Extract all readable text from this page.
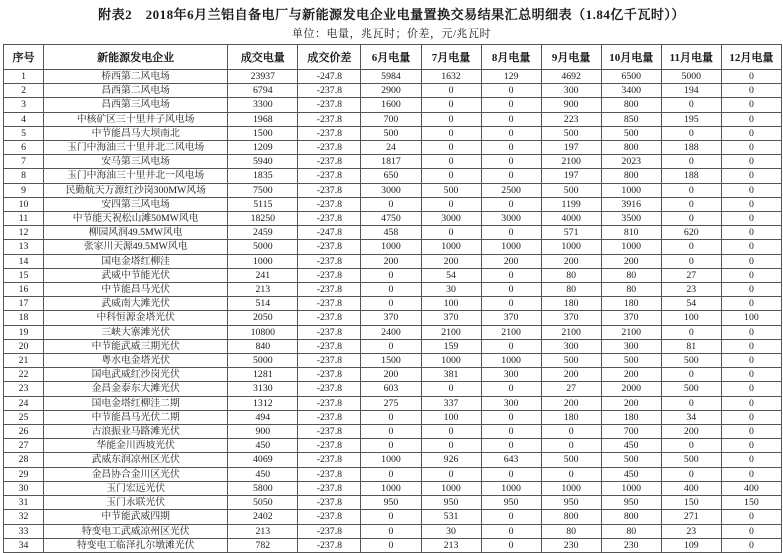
附表2　2018年6月兰铝自备电厂与新能源发电企业电量置换交易结果汇总明细表（1.84亿千瓦时））
单位：电量，兆瓦时；价差，元/兆瓦时
序号	新能源发电企业	成交电量	成交价差	6月电量	7月电量	8月电量	9月电量	10月电量	11月电量	12月电量
1	桥西第二风电场	23937	-247.8	5984	1632	129	4692	6500	5000	0
2	昌西第二风电场	6794	-237.8	2900	0	0	300	3400	194	0
3	昌西第三风电场	3300	-237.8	1600	0	0	900	800	0	0
4	中核矿区三十里井子风电场	1968	-237.8	700	0	0	223	850	195	0
5	中节能昌马大坝南北	1500	-237.8	500	0	0	500	500	0	0
6	玉门中海油三十里井北二风电场	1209	-237.8	24	0	0	197	800	188	0
7	安马第三风电场	5940	-237.8	1817	0	0	2100	2023	0	0
8	玉门中海油三十里井北一风电场	1835	-237.8	650	0	0	197	800	188	0
9	民勤航天万源红沙岗300MW风场	7500	-237.8	3000	500	2500	500	1000	0	0
10	安四第三风电场	5115	-237.8	0	0	0	1199	3916	0	0
11	中节能天祝松山滩50MW风电	18250	-237.8	4750	3000	3000	4000	3500	0	0
12	柳园风润49.5MW风电	2459	-247.8	458	0	0	571	810	620	0
13	张家川天源49.5MW风电	5000	-237.8	1000	1000	1000	1000	1000	0	0
14	国电金塔红柳洼	1000	-237.8	200	200	200	200	200	0	0
15	武威中节能光伏	241	-237.8	0	54	0	80	80	27	0
16	中节能昌马光伏	213	-237.8	0	30	0	80	80	23	0
17	武威南大滩光伏	514	-237.8	0	100	0	180	180	54	0
18	中科恒源金塔光伏	2050	-237.8	370	370	370	370	370	100	100
19	三峡大寨滩光伏	10800	-237.8	2400	2100	2100	2100	2100	0	0
20	中节能武威三期光伏	840	-237.8	0	159	0	300	300	81	0
21	粤水电金塔光伏	5000	-237.8	1500	1000	1000	500	500	500	0
22	国电武威红沙岗光伏	1281	-237.8	200	381	300	200	200	0	0
23	金昌金泰东大滩光伏	3130	-237.8	603	0	0	27	2000	500	0
24	国电金塔红柳洼二期	1312	-237.8	275	337	300	200	200	0	0
25	中节能昌马光伏二期	494	-237.8	0	100	0	180	180	34	0
26	古浪振业马路滩光伏	900	-237.8	0	0	0	0	700	200	0
27	华能金川西坡光伏	450	-237.8	0	0	0	0	450	0	0
28	武威东润凉州区光伏	4069	-237.8	1000	926	643	500	500	500	0
29	金昌协合金川区光伏	450	-237.8	0	0	0	0	450	0	0
30	玉门宏远光伏	5800	-237.8	1000	1000	1000	1000	1000	400	400
31	玉门永联光伏	5050	-237.8	950	950	950	950	950	150	150
32	中节能武威四期	2402	-237.8	0	531	0	800	800	271	0
33	特变电工武威凉州区光伏	213	-237.8	0	30	0	80	80	23	0
34	特变电工临泽扎尔墩滩光伏	782	-237.8	0	213	0	230	230	109	0
